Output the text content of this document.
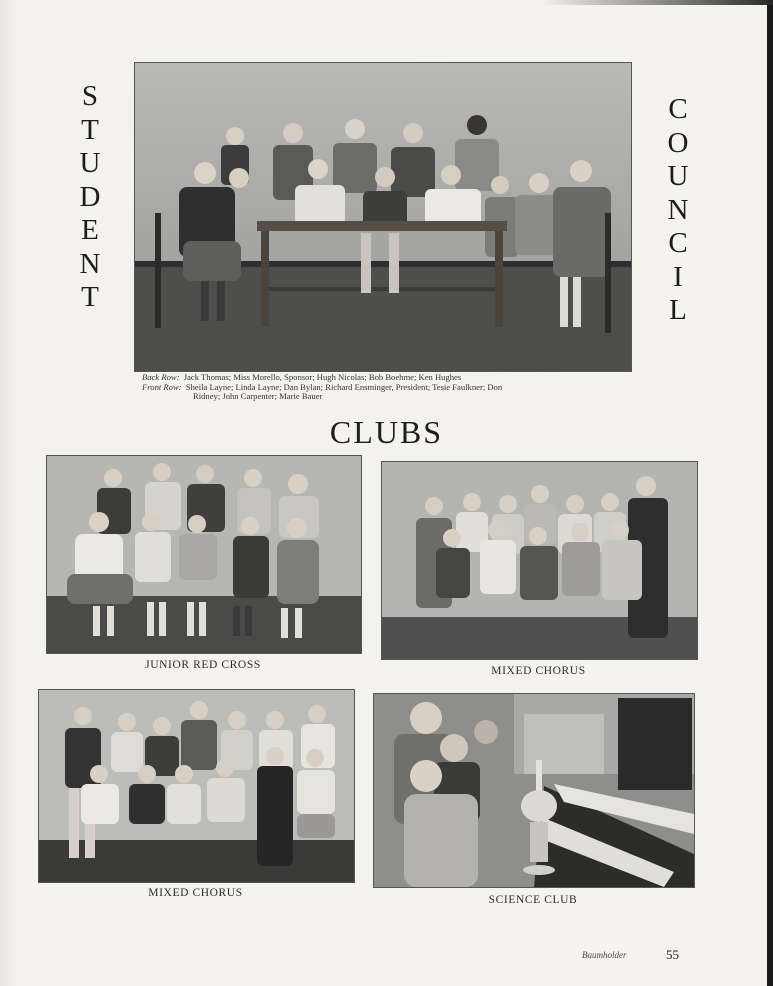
S
T
U
D
E
N
T
C
O
U
N
C
I
L
Back Row: Jack Thomas; Miss Morello, Sponsor; Hugh Nicolas; Bob Boehme; Ken Hughes
Front Row: Sheila Layne; Linda Layne; Dan Bylan; Richard Ensminger, President; Tesie Faulkner; Don
Ridney; John Carpenter; Marie Bauer
CLUBS
JUNIOR RED CROSS	MIXED CHORUS
MIXED CHORUS
SCIENCE CLUB
Baumholder	55
